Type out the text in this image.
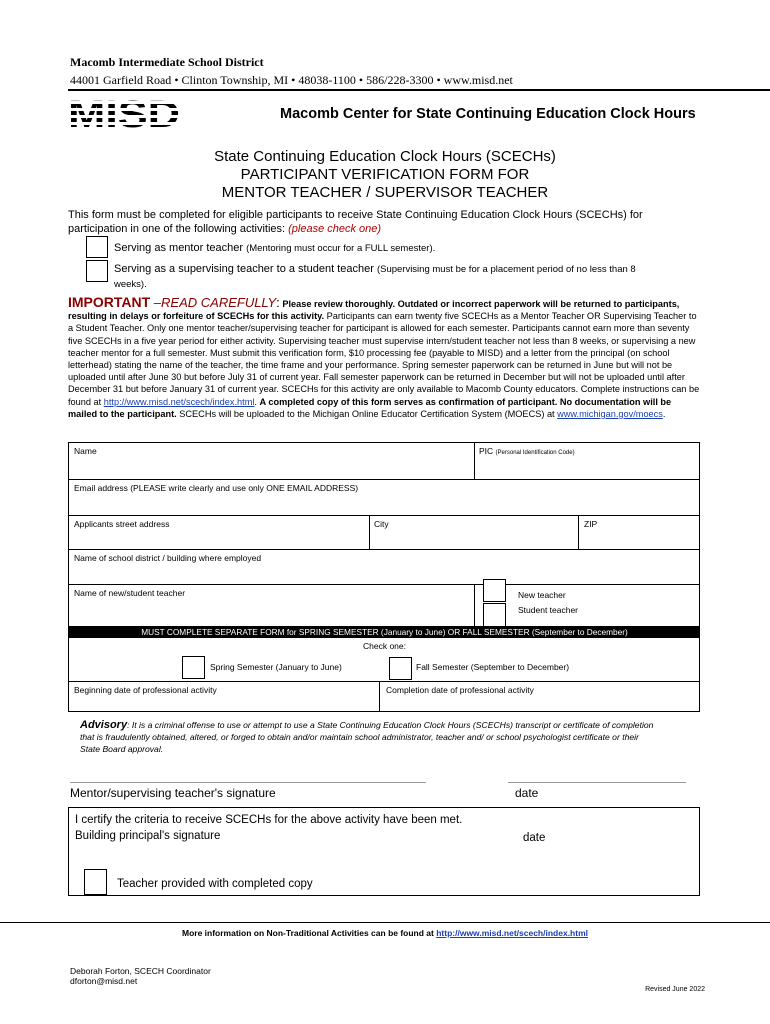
Macomb Intermediate School District
44001 Garfield Road • Clinton Township, MI • 48038-1100 • 586/228-3300 • www.misd.net
Macomb Center for State Continuing Education Clock Hours
State Continuing Education Clock Hours (SCECHs)
PARTICIPANT VERIFICATION FORM FOR
MENTOR TEACHER / SUPERVISOR TEACHER
This form must be completed for eligible participants to receive State Continuing Education Clock Hours (SCECHs) for participation in one of the following activities: (please check one)
Serving as mentor teacher (Mentoring must occur for a FULL semester).
Serving as a supervising teacher to a student teacher (Supervising must be for a placement period of no less than 8 weeks).
IMPORTANT –READ CAREFULLY: Please review thoroughly. Outdated or incorrect paperwork will be returned to participants, resulting in delays or forfeiture of SCECHs for this activity. Participants can earn twenty five SCECHs as a Mentor Teacher OR Supervising Teacher to a Student Teacher. Only one mentor teacher/supervising teacher for participant is allowed for each semester. Participants cannot earn more than seventy five SCECHs in a five year period for either activity. Supervising teacher must supervise intern/student teacher not less than 8 weeks, or supervising a new teacher mentor for a full semester. Must submit this verification form, $10 processing fee (payable to MISD) and a letter from the principal (on school letterhead) stating the name of the teacher, the time frame and your performance. Spring semester paperwork can be returned in June but will not be uploaded until after June 30 but before July 31 of current year. Fall semester paperwork can be returned in December but will not be uploaded until after December 31 but before January 31 of current year. SCECHs for this activity are only available to Macomb County educators. Complete instructions can be found at http://www.misd.net/scech/index.html. A completed copy of this form serves as confirmation of participant. No documentation will be mailed to the participant. SCECHs will be uploaded to the Michigan Online Educator Certification System (MOECS) at www.michigan.gov/moecs.
Name	PIC (Personal Identification Code)
Email address (PLEASE write clearly and use only ONE EMAIL ADDRESS)
Applicants street address	City	ZIP
Name of school district / building where employed
Name of new/student teacher	New teacher
Student teacher
MUST COMPLETE SEPARATE FORM for SPRING SEMESTER (January to June) OR FALL SEMESTER (September to December)
Check one:
Spring Semester (January to June)	Fall Semester (September to December)
Beginning date of professional activity	Completion date of professional activity
Advisory: It is a criminal offense to use or attempt to use a State Continuing Education Clock Hours (SCECHs) transcript or certificate of completion that is fraudulently obtained, altered, or forged to obtain and/or maintain school administrator, teacher and/ or school psychologist certificate or their State Board approval.
Mentor/supervising teacher's signature	date
I certify the criteria to receive SCECHs for the above activity have been met.
Building principal's signature	date
Teacher provided with completed copy
More information on Non-Traditional Activities can be found at http://www.misd.net/scech/index.html
Deborah Forton, SCECH Coordinator
dforton@misd.net
Revised June 2022
